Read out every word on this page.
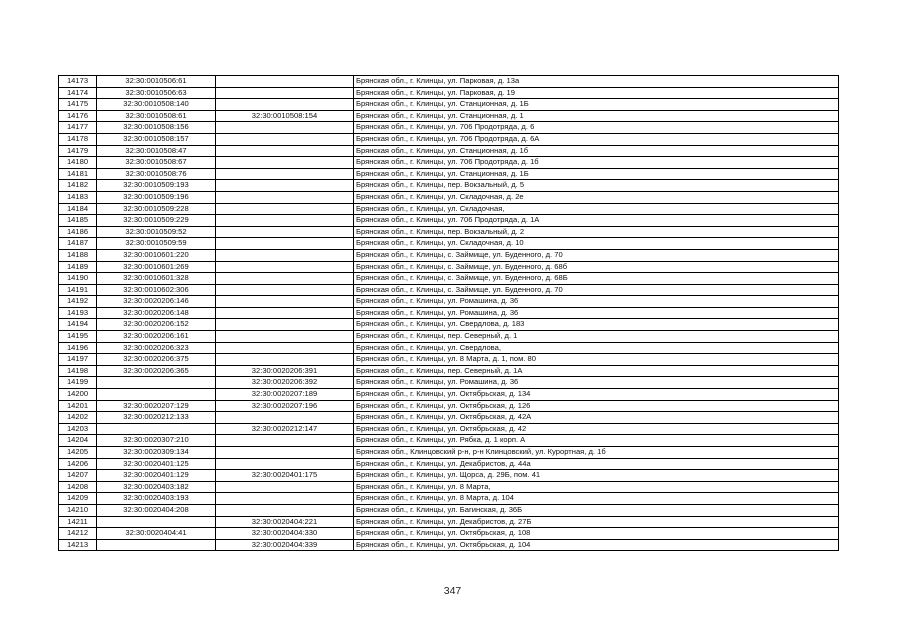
14173	32:30:0010506:61		Брянская обл., г. Клинцы, ул. Парковая, д. 13а
14174	32:30:0010506:63		Брянская обл., г. Клинцы, ул. Парковая, д. 19
14175	32:30:0010508:140		Брянская обл., г. Клинцы, ул. Станционная, д. 1Б
14176	32:30:0010508:61	32:30:0010508:154	Брянская обл., г. Клинцы, ул. Станционная, д. 1
14177	32:30:0010508:156		Брянская обл., г. Клинцы, ул. 706 Продотряда, д. 6
14178	32:30:0010508:157		Брянская обл., г. Клинцы, ул. 706 Продотряда, д. 6А
14179	32:30:0010508:47		Брянская обл., г. Клинцы, ул. Станционная, д. 1б
14180	32:30:0010508:67		Брянская обл., г. Клинцы, ул. 706 Продотряда, д. 1б
14181	32:30:0010508:76		Брянская обл., г. Клинцы, ул. Станционная, д. 1Б
14182	32:30:0010509:193		Брянская обл., г. Клинцы, пер. Вокзальный, д. 5
14183	32:30:0010509:196		Брянская обл., г. Клинцы, ул. Складочная, д. 2е
14184	32:30:0010509:228		Брянская обл., г. Клинцы, ул. Складочная,
14185	32:30:0010509:229		Брянская обл., г. Клинцы, ул. 706 Продотряда, д. 1А
14186	32:30:0010509:52		Брянская обл., г. Клинцы, пер. Вокзальный, д. 2
14187	32:30:0010509:59		Брянская обл., г. Клинцы, ул. Складочная, д. 10
14188	32:30:0010601:220		Брянская обл., г. Клинцы, с. Займище, ул. Буденного, д. 70
14189	32:30:0010601:269		Брянская обл., г. Клинцы, с. Займище, ул. Буденного, д. 68б
14190	32:30:0010601:328		Брянская обл., г. Клинцы, с. Займище, ул. Буденного, д. 68Б
14191	32:30:0010602:306		Брянская обл., г. Клинцы, с. Займище, ул. Буденного, д. 70
14192	32:30:0020206:146		Брянская обл., г. Клинцы, ул. Ромашина, д. 36
14193	32:30:0020206:148		Брянская обл., г. Клинцы, ул. Ромашина, д. 36
14194	32:30:0020206:152		Брянская обл., г. Клинцы, ул. Свердлова, д. 183
14195	32:30:0020206:161		Брянская обл., г. Клинцы, пер. Северный, д. 1
14196	32:30:0020206:323		Брянская обл., г. Клинцы, ул. Свердлова,
14197	32:30:0020206:375		Брянская обл., г. Клинцы, ул. 8 Марта, д. 1, пом. 80
14198	32:30:0020206:365	32:30:0020206:391	Брянская обл., г. Клинцы, пер. Северный, д. 1А
14199		32:30:0020206:392	Брянская обл., г. Клинцы, ул. Ромашина, д. 36
14200		32:30:0020207:189	Брянская обл., г. Клинцы, ул. Октябрьская, д. 134
14201	32:30:0020207:129	32:30:0020207:196	Брянская обл., г. Клинцы, ул. Октябрьская, д. 126
14202	32:30:0020212:133		Брянская обл., г. Клинцы, ул. Октябрьская, д. 42А
14203		32:30:0020212:147	Брянская обл., г. Клинцы, ул. Октябрьская, д. 42
14204	32:30:0020307:210		Брянская обл., г. Клинцы, ул. Рябка, д. 1 корп. А
14205	32:30:0020309:134		Брянская обл., Клинцовский р-н, р-н Клинцовский, ул. Курортная, д. 1б
14206	32:30:0020401:125		Брянская обл., г. Клинцы, ул. Декабристов, д. 44а
14207	32:30:0020401:129	32:30:0020401:175	Брянская обл., г. Клинцы, ул. Щорса, д. 29Б, пом. 41
14208	32:30:0020403:182		Брянская обл., г. Клинцы, ул. 8 Марта,
14209	32:30:0020403:193		Брянская обл., г. Клинцы, ул. 8 Марта, д. 104
14210	32:30:0020404:208		Брянская обл., г. Клинцы, ул. Багинская, д. 36Б
14211		32:30:0020404:221	Брянская обл., г. Клинцы, ул. Декабристов, д. 27Б
14212	32:30:0020404:41	32:30:0020404:330	Брянская обл., г. Клинцы, ул. Октябрьская, д. 108
14213		32:30:0020404:339	Брянская обл., г. Клинцы, ул. Октябрьская, д. 104
347
